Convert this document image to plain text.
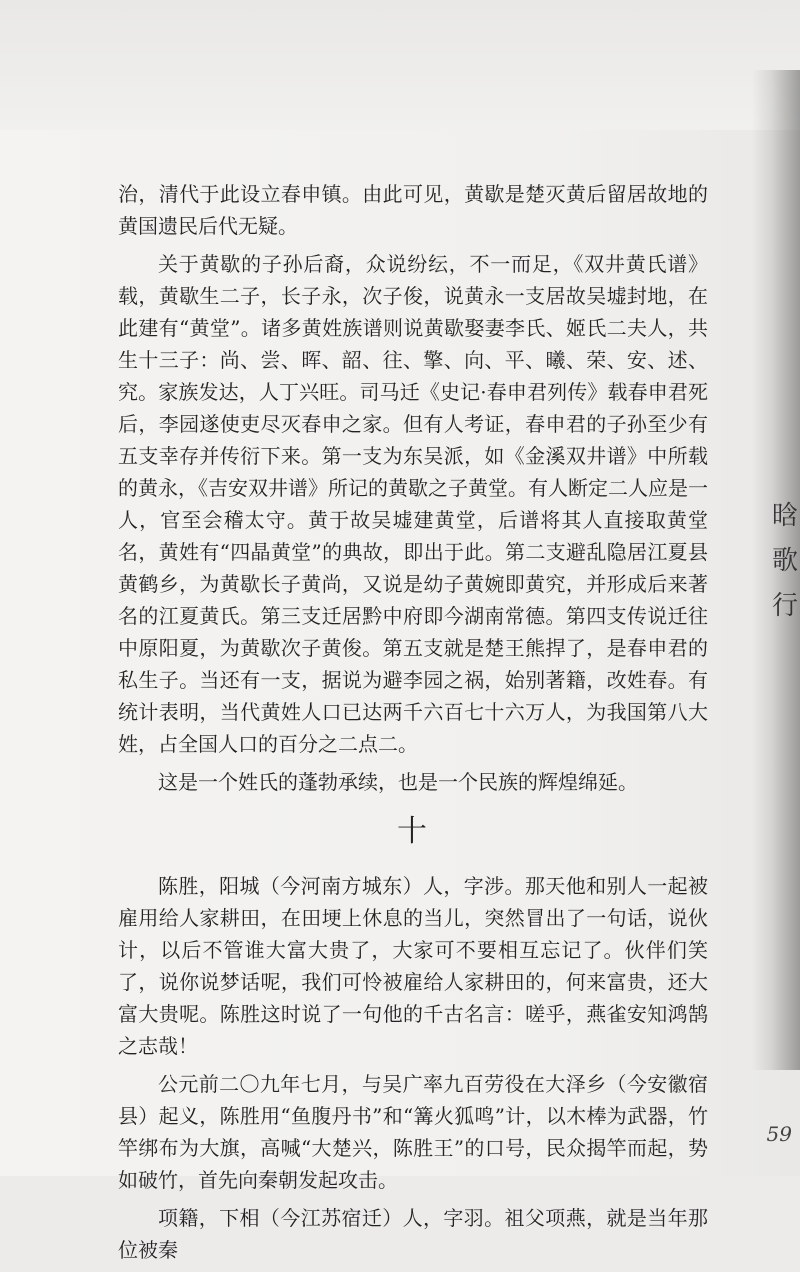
晗
歌
行

治，清代于此设立春申镇。由此可见，黄歇是楚灭黄后留居故地的黄国遗民后代无疑。

关于黄歇的子孙后裔，众说纷纭，不一而足，《双井黄氏谱》载，黄歇生二子，长子永，次子俊，说黄永一支居故吴墟封地，在此建有“黄堂”。诸多黄姓族谱则说黄歇娶妻李氏、姬氏二夫人，共生十三子：尚、尝、晖、韶、往、擎、向、平、曦、荣、安、述、究。家族发达，人丁兴旺。司马迁《史记·春申君列传》载春申君死后，李园遂使吏尽灭春申之家。但有人考证，春申君的子孙至少有五支幸存并传衍下来。第一支为东吴派，如《金溪双井谱》中所载的黄永，《吉安双井谱》所记的黄歇之子黄堂。有人断定二人应是一人，官至会稽太守。黄于故吴墟建黄堂，后谱将其人直接取黄堂名，黄姓有“四晶黄堂”的典故，即出于此。第二支避乱隐居江夏县黄鹤乡，为黄歇长子黄尚，又说是幼子黄婉即黄究，并形成后来著名的江夏黄氏。第三支迁居黔中府即今湖南常德。第四支传说迁往中原阳夏，为黄歇次子黄俊。第五支就是楚王熊捍了，是春申君的私生子。当还有一支，据说为避李园之祸，始别著籍，改姓春。有统计表明，当代黄姓人口已达两千六百七十六万人，为我国第八大姓，占全国人口的百分之二点二。

这是一个姓氏的蓬勃承续，也是一个民族的辉煌绵延。

十

陈胜，阳城（今河南方城东）人，字涉。那天他和别人一起被雇用给人家耕田，在田埂上休息的当儿，突然冒出了一句话，说伙计，以后不管谁大富大贵了，大家可不要相互忘记了。伙伴们笑了，说你说梦话呢，我们可怜被雇给人家耕田的，何来富贵，还大富大贵呢。陈胜这时说了一句他的千古名言：嗟乎，燕雀安知鸿鹄之志哉！

公元前二〇九年七月，与吴广率九百劳役在大泽乡（今安徽宿县）起义，陈胜用“鱼腹丹书”和“篝火狐鸣”计，以木棒为武器，竹竿绑布为大旗，高喊“大楚兴，陈胜王”的口号，民众揭竿而起，势如破竹，首先向秦朝发起攻击。

项籍，下相（今江苏宿迁）人，字羽。祖父项燕，就是当年那位被秦

59
